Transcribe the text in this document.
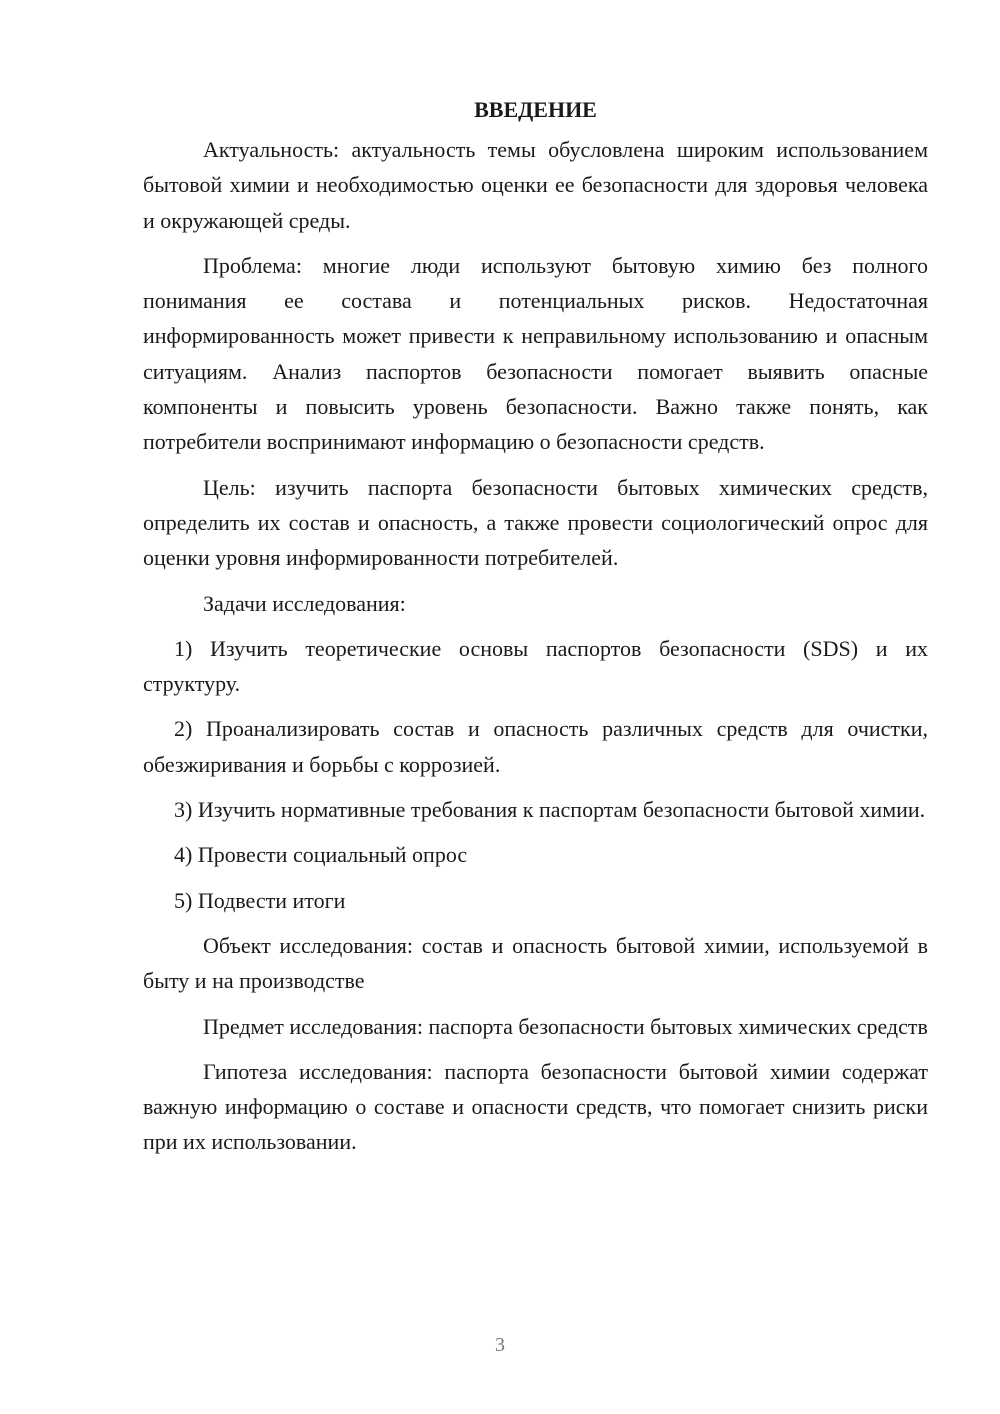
ВВЕДЕНИЕ

Актуальность: актуальность темы обусловлена широким использованием бытовой химии и необходимостью оценки ее безопасности для здоровья человека и окружающей среды.

Проблема: многие люди используют бытовую химию без полного понимания ее состава и потенциальных рисков. Недостаточная информированность может привести к неправильному использованию и опасным ситуациям. Анализ паспортов безопасности помогает выявить опасные компоненты и повысить уровень безопасности. Важно также понять, как потребители воспринимают информацию о безопасности средств.

Цель: изучить паспорта безопасности бытовых химических средств, определить их состав и опасность, а также провести социологический опрос для оценки уровня информированности потребителей.

Задачи исследования:

1) Изучить теоретические основы паспортов безопасности (SDS) и их структуру.

2) Проанализировать состав и опасность различных средств для очистки, обезжиривания и борьбы с коррозией.

3) Изучить нормативные требования к паспортам безопасности бытовой химии.

4) Провести социальный опрос

5) Подвести итоги

Объект исследования: состав и опасность бытовой химии, используемой в быту и на производстве

Предмет исследования: паспорта безопасности бытовых химических средств

Гипотеза исследования: паспорта безопасности бытовой химии содержат важную информацию о составе и опасности средств, что помогает снизить риски при их использовании.

3
